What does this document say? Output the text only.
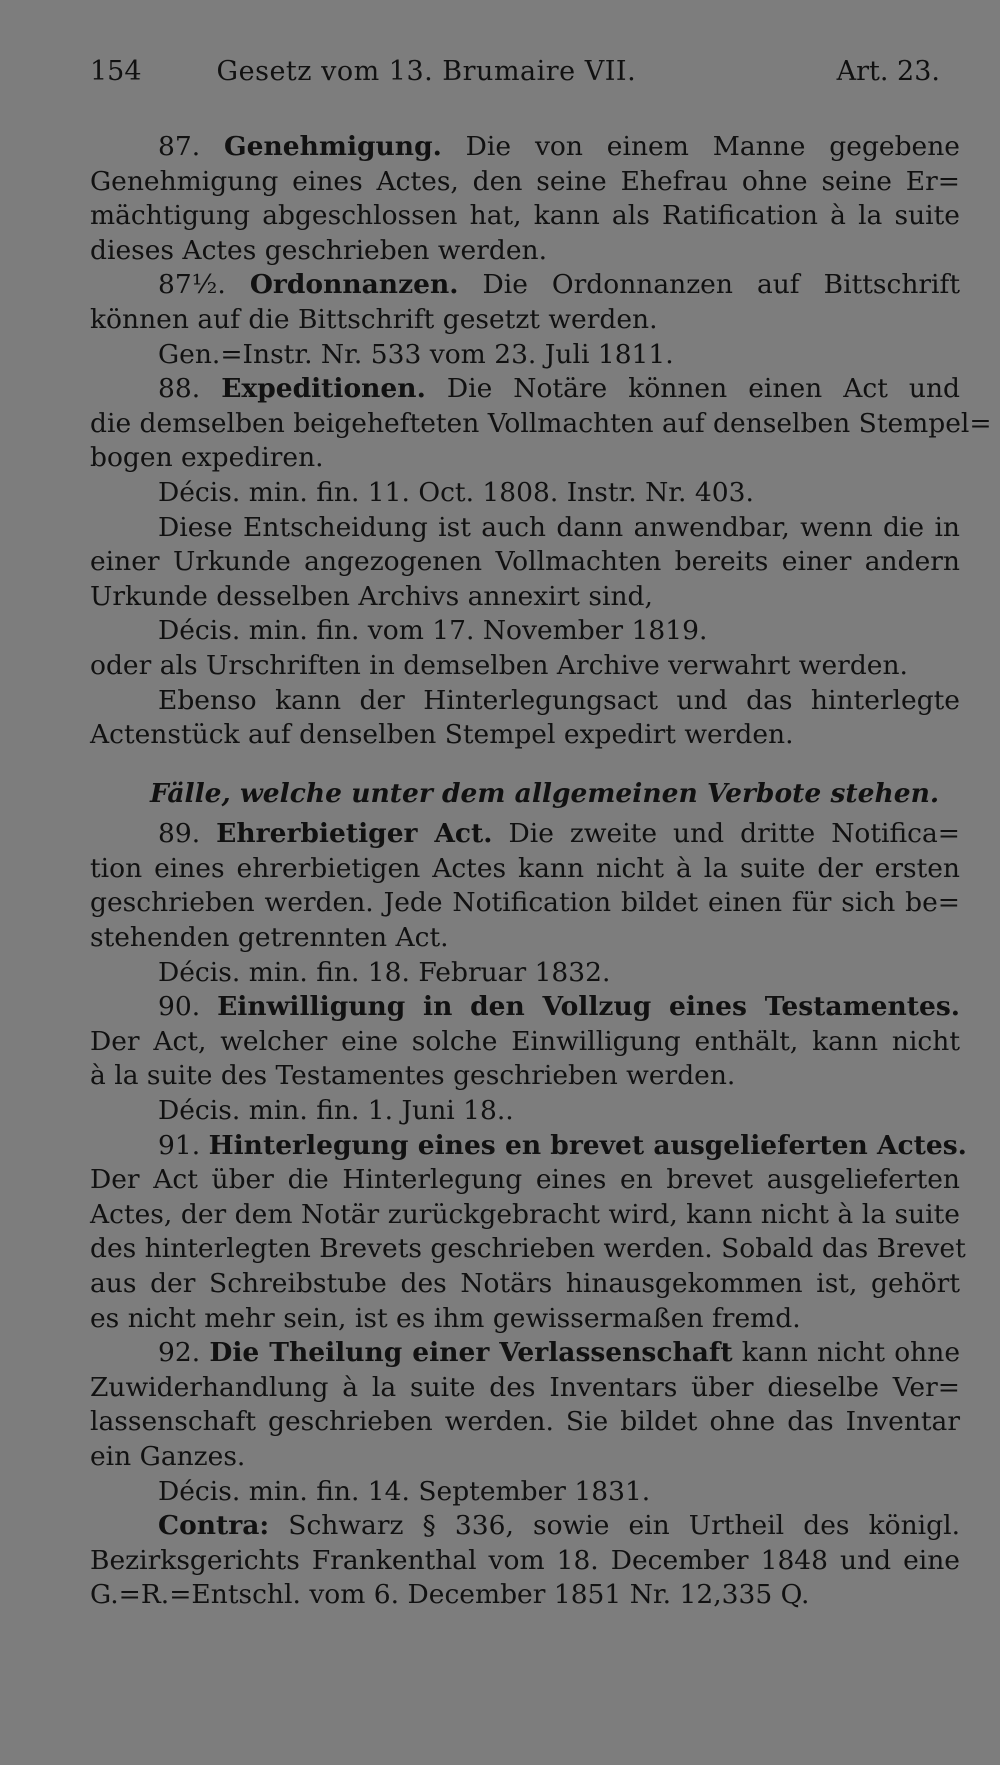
154	Gesetz vom 13. Brumaire VII.	Art. 23.
87. Genehmigung. Die von einem Manne gegebene
Genehmigung eines Actes, den seine Ehefrau ohne seine Er=
mächtigung abgeschlossen hat, kann als Ratification à la suite
dieses Actes geschrieben werden.
87½. Ordonnanzen. Die Ordonnanzen auf Bittschrift
können auf die Bittschrift gesetzt werden.
Gen.=Instr. Nr. 533 vom 23. Juli 1811.
88. Expeditionen. Die Notäre können einen Act und
die demselben beigehefteten Vollmachten auf denselben Stempel=
bogen expediren.
Décis. min. fin. 11. Oct. 1808. Instr. Nr. 403.
Diese Entscheidung ist auch dann anwendbar, wenn die in
einer Urkunde angezogenen Vollmachten bereits einer andern
Urkunde desselben Archivs annexirt sind,
Décis. min. fin. vom 17. November 1819.
oder als Urschriften in demselben Archive verwahrt werden.
Ebenso kann der Hinterlegungsact und das hinterlegte
Actenstück auf denselben Stempel expedirt werden.
Fälle, welche unter dem allgemeinen Verbote stehen.
89. Ehrerbietiger Act. Die zweite und dritte Notifica=
tion eines ehrerbietigen Actes kann nicht à la suite der ersten
geschrieben werden. Jede Notification bildet einen für sich be=
stehenden getrennten Act.
Décis. min. fin. 18. Februar 1832.
90. Einwilligung in den Vollzug eines Testamentes.
Der Act, welcher eine solche Einwilligung enthält, kann nicht
à la suite des Testamentes geschrieben werden.
Décis. min. fin. 1. Juni 18..
91. Hinterlegung eines en brevet ausgelieferten Actes.
Der Act über die Hinterlegung eines en brevet ausgelieferten
Actes, der dem Notär zurückgebracht wird, kann nicht à la suite
des hinterlegten Brevets geschrieben werden. Sobald das Brevet
aus der Schreibstube des Notärs hinausgekommen ist, gehört
es nicht mehr sein, ist es ihm gewissermaßen fremd.
92. Die Theilung einer Verlassenschaft kann nicht ohne
Zuwiderhandlung à la suite des Inventars über dieselbe Ver=
lassenschaft geschrieben werden. Sie bildet ohne das Inventar
ein Ganzes.
Décis. min. fin. 14. September 1831.
Contra: Schwarz § 336, sowie ein Urtheil des königl.
Bezirksgerichts Frankenthal vom 18. December 1848 und eine
G.=R.=Entschl. vom 6. December 1851 Nr. 12,335 Q.
